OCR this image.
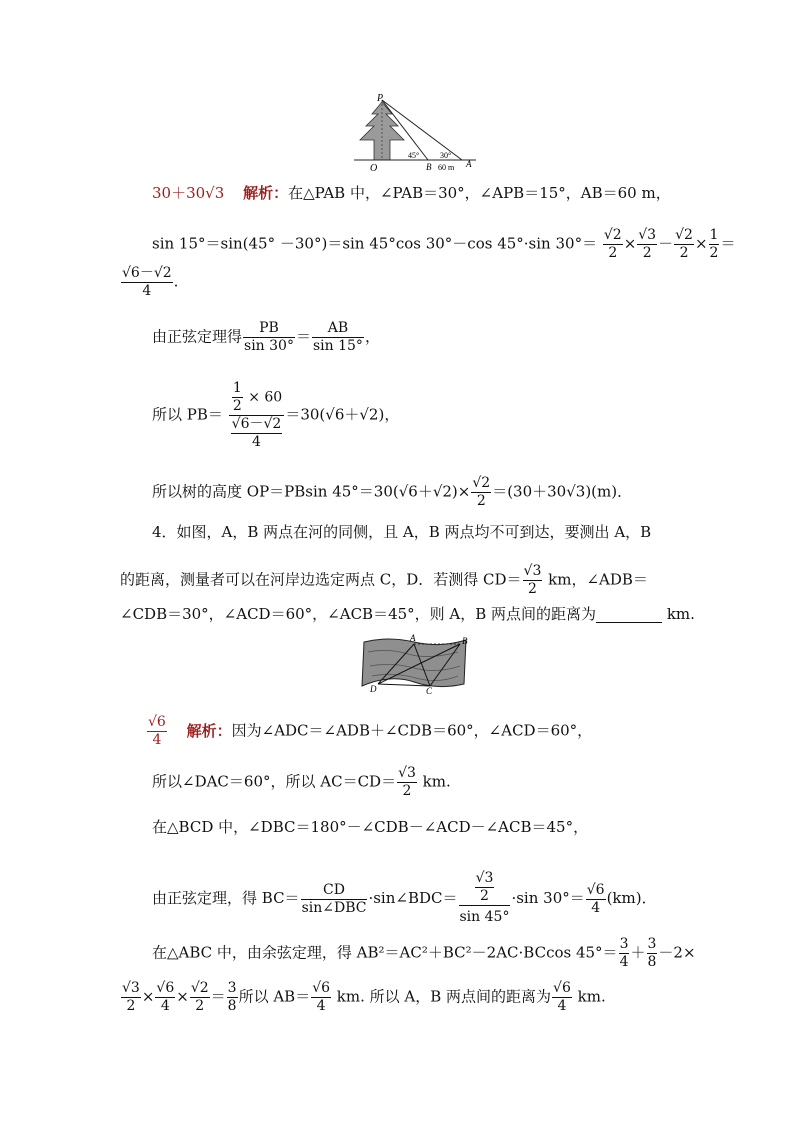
P
O	B	A
45°	30°
60 m
30＋30√3 解析：在△PAB 中，∠PAB＝30°，∠APB＝15°，AB＝60 m，
sin 15°＝sin(45° －30°)＝sin 45°cos 30°－cos 45°·sin $30^\circ= \frac{√2}{2} \times \frac{√3}{2} - \frac{√2}{2} \times \frac{1}{2}$ ＝
$\frac{√6-√2}{4}$ .
由正弦定理得 $\frac{PB}{\sin 30^\circ} = \frac{AB}{\sin 15^\circ}$ ，
所以 $PB= \frac{\frac{1}{2} \times 60}{\frac{√6-√2}{4}} =30(√6+√2)$，
所以树的高度 OP＝PBsin $45^\circ=30(√6+√2)\times \frac{√2}{2} =(30+30√3)(m)$．
4．如图，A，B 两点在河的同侧，且 A，B 两点均不可到达，要测出 A，B
的距离，测量者可以在河岸边选定两点 C，D．若测得 $CD= \frac{√3}{2}$ km，∠ADB＝
∠CDB＝30°，∠ACD＝60°，∠ACB＝45°，则 A，B 两点间的距离为	km.
A	B
C
D
$\frac{√6}{4}$ 解析：因为∠ADC＝∠ADB＋∠CDB＝60°，∠ACD＝60°，
所以∠DAC＝60°，所以 $AC=CD= \frac{√3}{2}$ km.
在△BCD 中，∠DBC＝180°－∠CDB－∠ACD－∠ACB＝45°，
由正弦定理，得 $BC= \frac{CD}{\text{sin∠DBC}}$ ·sin∠BDC＝ $\frac{\frac{√3}{2}}{\sin 45^\circ} \cdot\sin$ $30^\circ= \frac{√6}{4} (km)$．
在△ABC 中，由余弦定理，得 AB²＝AC²＋BC²－2AC·BCcos $45^\circ= \frac{3}{4} + \frac{3}{8} -2\times$
$\frac{√3}{2} \times \frac{√6}{4} \times \frac{√2}{2} = \frac{3}{8}$ 所以 $AB= \frac{√6}{4}$ km. 所以 A，B 两点间的距离为 $\frac{√6}{4}$ km.
